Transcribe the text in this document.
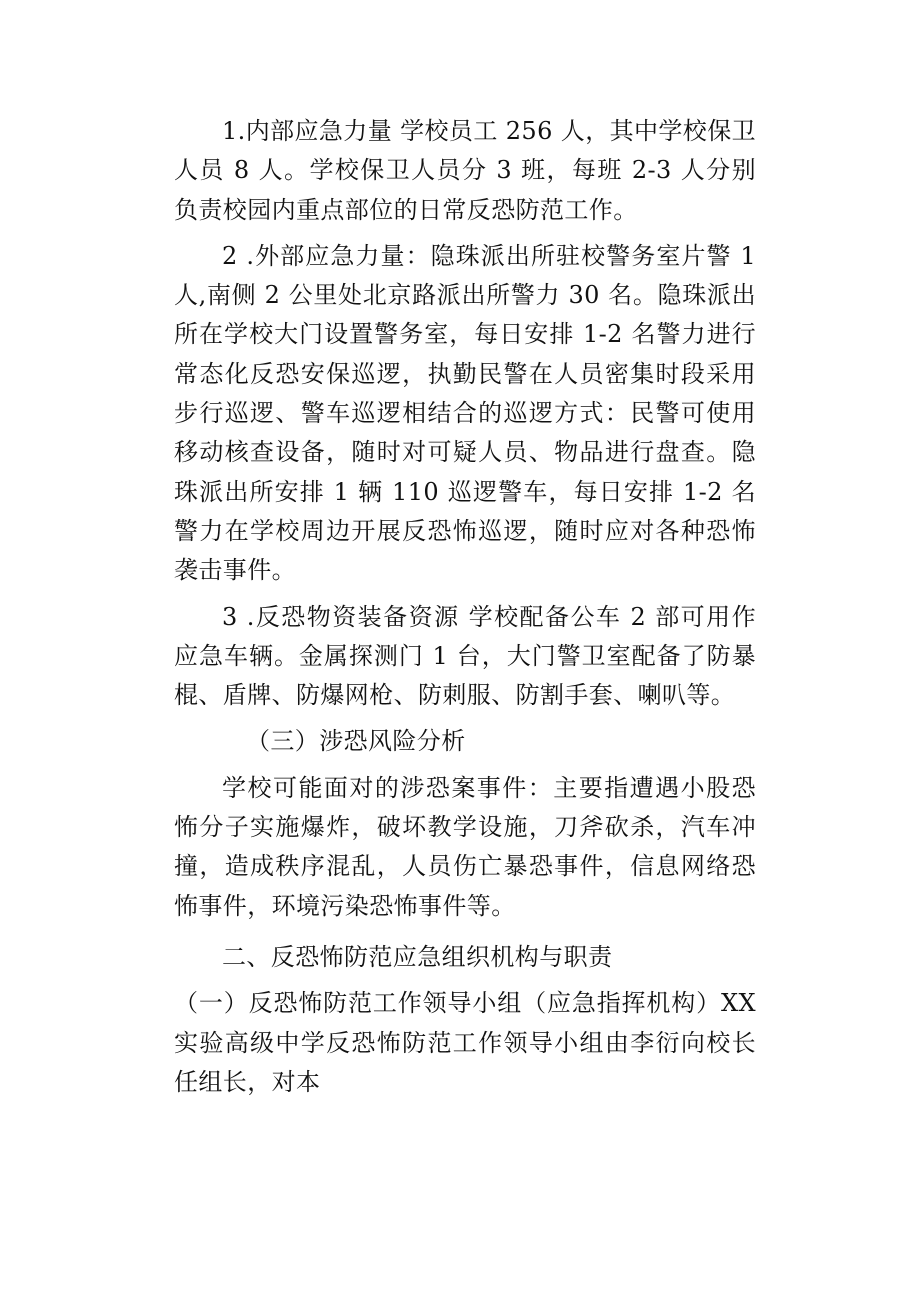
1.内部应急力量 学校员工 256 人，其中学校保卫人员 8 人。学校保卫人员分 3 班，每班 2-3 人分别负责校园内重点部位的日常反恐防范工作。

2 .外部应急力量：隐珠派出所驻校警务室片警 1 人,南侧 2 公里处北京路派出所警力 30 名。隐珠派出所在学校大门设置警务室，每日安排 1-2 名警力进行常态化反恐安保巡逻，执勤民警在人员密集时段采用步行巡逻、警车巡逻相结合的巡逻方式：民警可使用移动核查设备，随时对可疑人员、物品进行盘查。隐珠派出所安排 1 辆 110 巡逻警车，每日安排 1-2 名警力在学校周边开展反恐怖巡逻，随时应对各种恐怖袭击事件。

3 .反恐物资装备资源 学校配备公车 2 部可用作应急车辆。金属探测门 1 台，大门警卫室配备了防暴棍、盾牌、防爆网枪、防刺服、防割手套、喇叭等。

（三）涉恐风险分析

学校可能面对的涉恐案事件：主要指遭遇小股恐怖分子实施爆炸，破坏教学设施，刀斧砍杀，汽车冲撞，造成秩序混乱，人员伤亡暴恐事件，信息网络恐怖事件，环境污染恐怖事件等。

二、反恐怖防范应急组织机构与职责

（一）反恐怖防范工作领导小组（应急指挥机构）XX 实验高级中学反恐怖防范工作领导小组由李衍向校长任组长，对本
